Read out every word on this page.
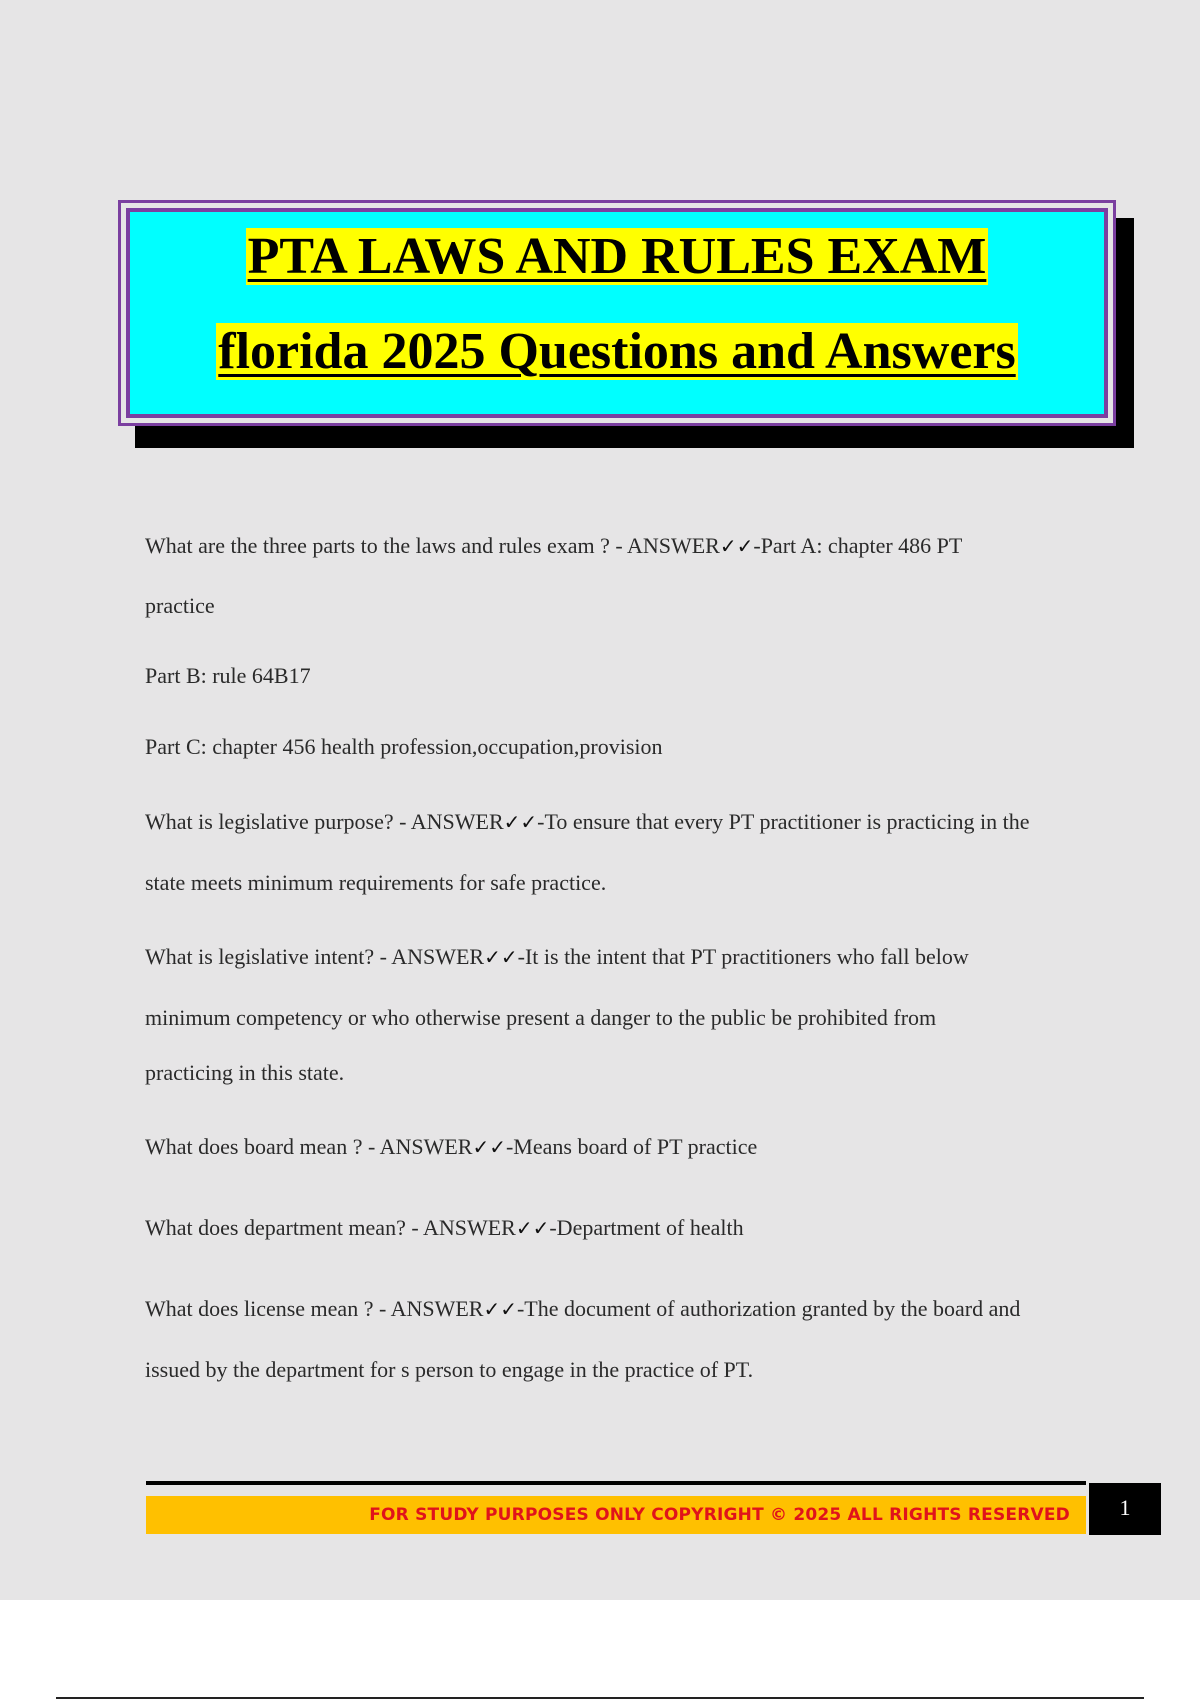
PTA LAWS AND RULES EXAM
florida 2025 Questions and Answers
What are the three parts to the laws and rules exam ? - ANSWER✓✓-Part A: chapter 486 PT
practice
Part B: rule 64B17
Part C: chapter 456 health profession,occupation,provision
What is legislative purpose? - ANSWER✓✓-To ensure that every PT practitioner is practicing in the
state meets minimum requirements for safe practice.
What is legislative intent? - ANSWER✓✓-It is the intent that PT practitioners who fall below
minimum competency or who otherwise present a danger to the public be prohibited from
practicing in this state.
What does board mean ? - ANSWER✓✓-Means board of PT practice
What does department mean? - ANSWER✓✓-Department of health
What does license mean ? - ANSWER✓✓-The document of authorization granted by the board and
issued by the department for s person to engage in the practice of PT.
FOR STUDY PURPOSES ONLY COPYRIGHT © 2025 ALL RIGHTS RESERVED	1
